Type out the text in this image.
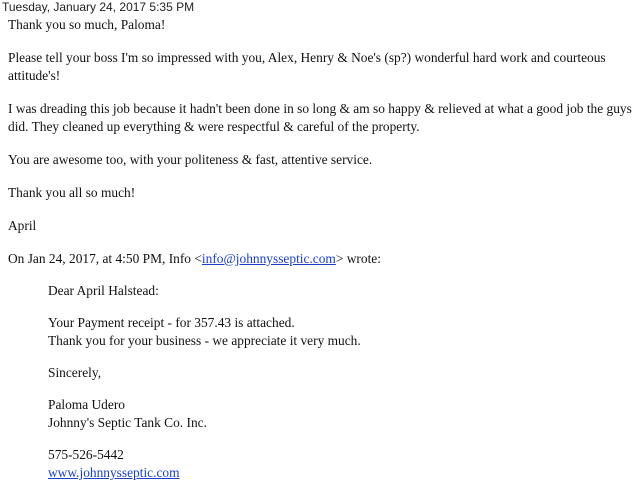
Tuesday, January 24, 2017 5:35 PM

Thank you so much, Paloma!

Please tell your boss I'm so impressed with you, Alex, Henry & Noe's (sp?) wonderful hard work and courteous attitude's!

I was dreading this job because it hadn't been done in so long & am so happy & relieved at what a good job the guys did. They cleaned up everything & were respectful & careful of the property.

You are awesome too, with your politeness & fast, attentive service.

Thank you all so much!

April

On Jan 24, 2017, at 4:50 PM, Info <info@johnnysseptic.com> wrote:

Dear April Halstead:

Your Payment receipt - for 357.43 is attached.

Thank you for your business - we appreciate it very much.

Sincerely,

Paloma Udero

Johnny's Septic Tank Co. Inc.

575-526-5442

www.johnnysseptic.com
